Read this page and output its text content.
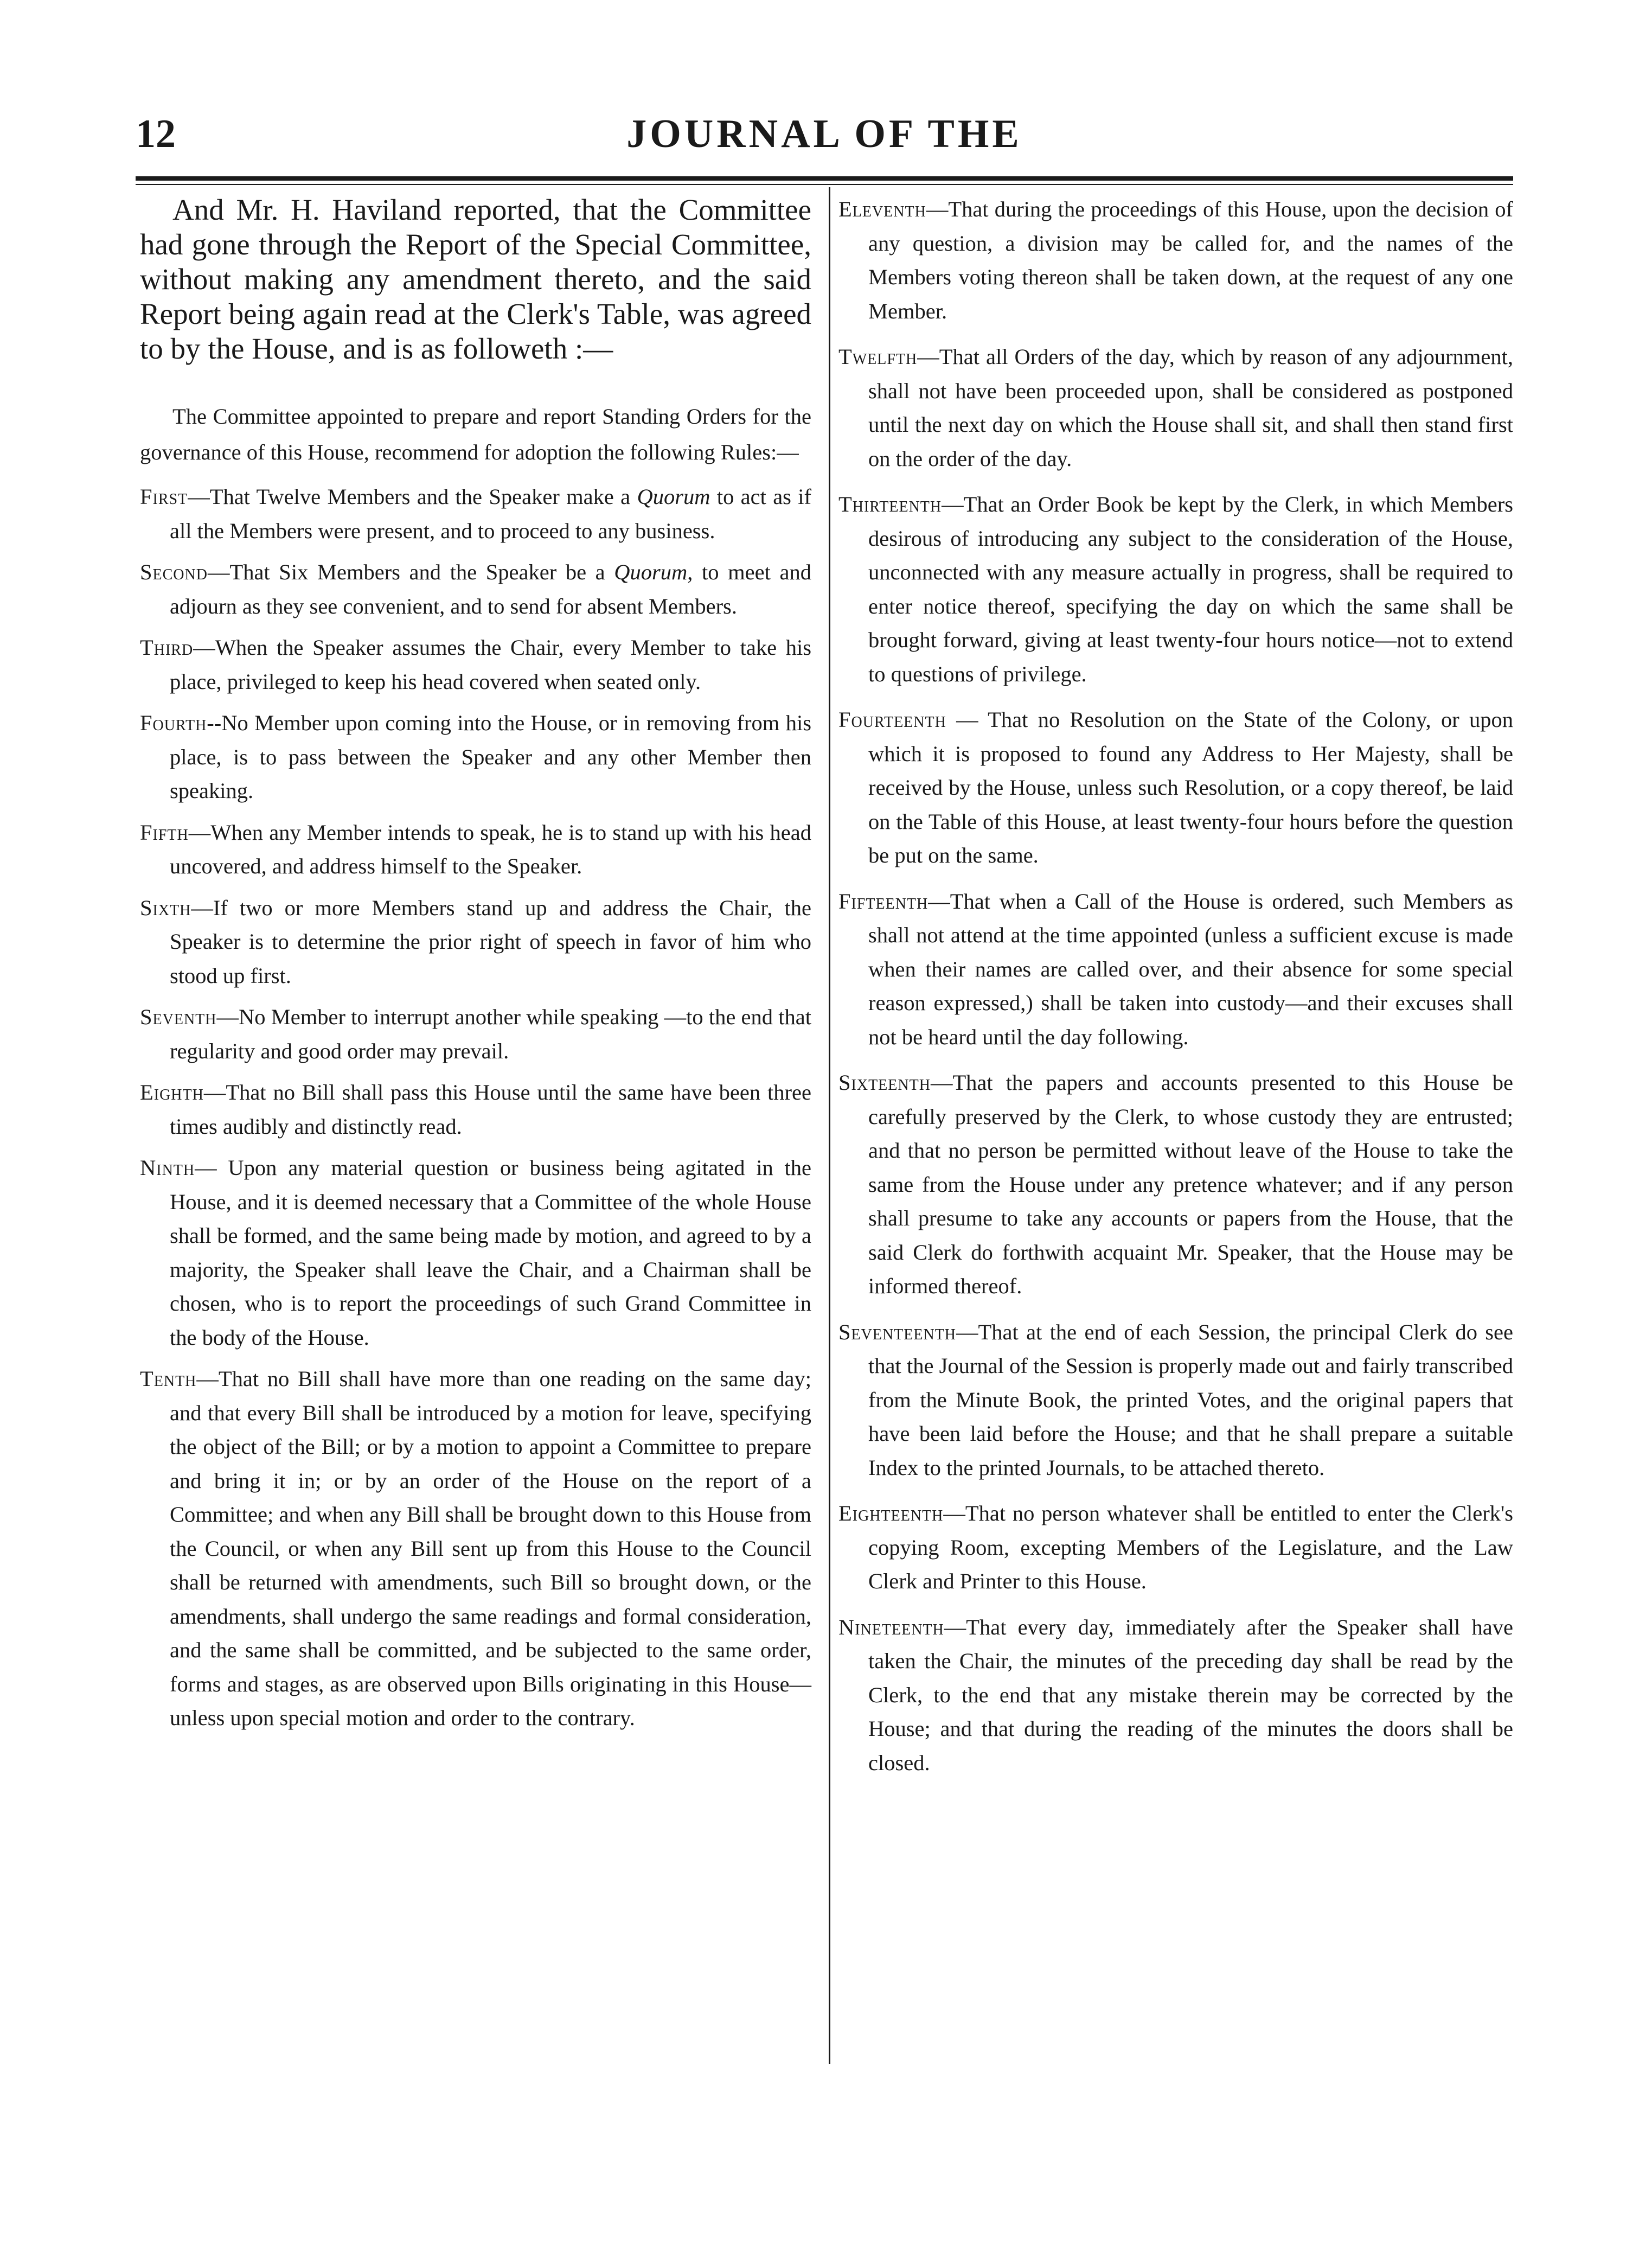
12	JOURNAL OF THE

And Mr. H. Haviland reported, that the Committee had gone through the Report of the Special Committee, without making any amendment thereto, and the said Report being again read at the Clerk's Table, was agreed to by the House, and is as followeth :—

The Committee appointed to prepare and report Standing Orders for the governance of this House, recommend for adoption the following Rules:—

First—That Twelve Members and the Speaker make a Quorum to act as if all the Members were present, and to proceed to any business.

Second—That Six Members and the Speaker be a Quorum, to meet and adjourn as they see convenient, and to send for absent Members.

Third—When the Speaker assumes the Chair, every Member to take his place, privileged to keep his head covered when seated only.

Fourth--No Member upon coming into the House, or in removing from his place, is to pass between the Speaker and any other Member then speaking.

Fifth—When any Member intends to speak, he is to stand up with his head uncovered, and address himself to the Speaker.

Sixth—If two or more Members stand up and address the Chair, the Speaker is to determine the prior right of speech in favor of him who stood up first.

Seventh—No Member to interrupt another while speaking —to the end that regularity and good order may prevail.

Eighth—That no Bill shall pass this House until the same have been three times audibly and distinctly read.

Ninth— Upon any material question or business being agitated in the House, and it is deemed necessary that a Committee of the whole House shall be formed, and the same being made by motion, and agreed to by a majority, the Speaker shall leave the Chair, and a Chairman shall be chosen, who is to report the proceedings of such Grand Committee in the body of the House.

Tenth—That no Bill shall have more than one reading on the same day; and that every Bill shall be introduced by a motion for leave, specifying the object of the Bill; or by a motion to appoint a Committee to prepare and bring it in; or by an order of the House on the report of a Committee; and when any Bill shall be brought down to this House from the Council, or when any Bill sent up from this House to the Council shall be returned with amendments, such Bill so brought down, or the amendments, shall undergo the same readings and formal consideration, and the same shall be committed, and be subjected to the same order, forms and stages, as are observed upon Bills originating in this House—unless upon special motion and order to the contrary.

Eleventh—That during the proceedings of this House, upon the decision of any question, a division may be called for, and the names of the Members voting thereon shall be taken down, at the request of any one Member.

Twelfth—That all Orders of the day, which by reason of any adjournment, shall not have been proceeded upon, shall be considered as postponed until the next day on which the House shall sit, and shall then stand first on the order of the day.

Thirteenth—That an Order Book be kept by the Clerk, in which Members desirous of introducing any subject to the consideration of the House, unconnected with any measure actually in progress, shall be required to enter notice thereof, specifying the day on which the same shall be brought forward, giving at least twenty-four hours notice—not to extend to questions of privilege.

Fourteenth — That no Resolution on the State of the Colony, or upon which it is proposed to found any Address to Her Majesty, shall be received by the House, unless such Resolution, or a copy thereof, be laid on the Table of this House, at least twenty-four hours before the question be put on the same.

Fifteenth—That when a Call of the House is ordered, such Members as shall not attend at the time appointed (unless a sufficient excuse is made when their names are called over, and their absence for some special reason expressed,) shall be taken into custody—and their excuses shall not be heard until the day following.

Sixteenth—That the papers and accounts presented to this House be carefully preserved by the Clerk, to whose custody they are entrusted; and that no person be permitted without leave of the House to take the same from the House under any pretence whatever; and if any person shall presume to take any accounts or papers from the House, that the said Clerk do forthwith acquaint Mr. Speaker, that the House may be informed thereof.

Seventeenth—That at the end of each Session, the principal Clerk do see that the Journal of the Session is properly made out and fairly transcribed from the Minute Book, the printed Votes, and the original papers that have been laid before the House; and that he shall prepare a suitable Index to the printed Journals, to be attached thereto.

Eighteenth—That no person whatever shall be entitled to enter the Clerk's copying Room, excepting Members of the Legislature, and the Law Clerk and Printer to this House.

Nineteenth—That every day, immediately after the Speaker shall have taken the Chair, the minutes of the preceding day shall be read by the Clerk, to the end that any mistake therein may be corrected by the House; and that during the reading of the minutes the doors shall be closed.
